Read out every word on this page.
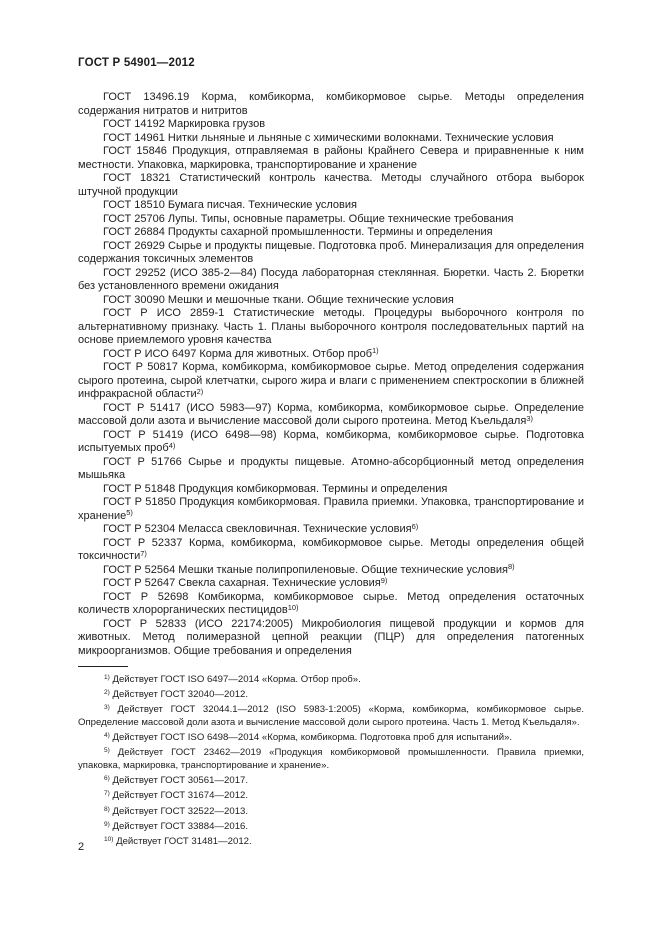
ГОСТ Р 54901—2012

ГОСТ 13496.19 Корма, комбикорма, комбикормовое сырье. Методы определения содержания нитратов и нитритов

ГОСТ 14192 Маркировка грузов

ГОСТ 14961 Нитки льняные и льняные с химическими волокнами. Технические условия

ГОСТ 15846 Продукция, отправляемая в районы Крайнего Севера и приравненные к ним местности. Упаковка, маркировка, транспортирование и хранение

ГОСТ 18321 Статистический контроль качества. Методы случайного отбора выборок штучной продукции

ГОСТ 18510 Бумага писчая. Технические условия

ГОСТ 25706 Лупы. Типы, основные параметры. Общие технические требования

ГОСТ 26884 Продукты сахарной промышленности. Термины и определения

ГОСТ 26929 Сырье и продукты пищевые. Подготовка проб. Минерализация для определения содержания токсичных элементов

ГОСТ 29252 (ИСО 385-2—84) Посуда лабораторная стеклянная. Бюретки. Часть 2. Бюретки без установленного времени ожидания

ГОСТ 30090 Мешки и мешочные ткани. Общие технические условия

ГОСТ Р ИСО 2859-1 Статистические методы. Процедуры выборочного контроля по альтернативному признаку. Часть 1. Планы выборочного контроля последовательных партий на основе приемлемого уровня качества

ГОСТ Р ИСО 6497 Корма для животных. Отбор проб$^{1)}$

ГОСТ Р 50817 Корма, комбикорма, комбикормовое сырье. Метод определения содержания сырого протеина, сырой клетчатки, сырого жира и влаги с применением спектроскопии в ближней инфракрасной области$^{2)}$

ГОСТ Р 51417 (ИСО 5983—97) Корма, комбикорма, комбикормовое сырье. Определение массовой доли азота и вычисление массовой доли сырого протеина. Метод Къельдаля$^{3)}$

ГОСТ Р 51419 (ИСО 6498—98) Корма, комбикорма, комбикормовое сырье. Подготовка испытуемых проб$^{4)}$

ГОСТ Р 51766 Сырье и продукты пищевые. Атомно-абсорбционный метод определения мышьяка

ГОСТ Р 51848 Продукция комбикормовая. Термины и определения

ГОСТ Р 51850 Продукция комбикормовая. Правила приемки. Упаковка, транспортирование и хранение$^{5)}$

ГОСТ Р 52304 Меласса свекловичная. Технические условия$^{6)}$

ГОСТ Р 52337 Корма, комбикорма, комбикормовое сырье. Методы определения общей токсичности$^{7)}$

ГОСТ Р 52564 Мешки тканые полипропиленовые. Общие технические условия$^{8)}$

ГОСТ Р 52647 Свекла сахарная. Технические условия$^{9)}$

ГОСТ Р 52698 Комбикорма, комбикормовое сырье. Метод определения остаточных количеств хлорорганических пестицидов$^{10)}$

ГОСТ Р 52833 (ИСО 22174:2005) Микробиология пищевой продукции и кормов для животных. Метод полимеразной цепной реакции (ПЦР) для определения патогенных микроорганизмов. Общие требования и определения

$^{1)}$ Действует ГОСТ ISO 6497—2014 «Корма. Отбор проб».

$^{2)}$ Действует ГОСТ 32040—2012.

$^{3)}$ Действует ГОСТ 32044.1—2012 (ISO 5983-1:2005) «Корма, комбикорма, комбикормовое сырье. Определение массовой доли азота и вычисление массовой доли сырого протеина. Часть 1. Метод Къельдаля».

$^{4)}$ Действует ГОСТ ISO 6498—2014 «Корма, комбикорма. Подготовка проб для испытаний».

$^{5)}$ Действует ГОСТ 23462—2019 «Продукция комбикормовой промышленности. Правила приемки, упаковка, маркировка, транспортирование и хранение».

$^{6)}$ Действует ГОСТ 30561—2017.

$^{7)}$ Действует ГОСТ 31674—2012.

$^{8)}$ Действует ГОСТ 32522—2013.

$^{9)}$ Действует ГОСТ 33884—2016.

$^{10)}$ Действует ГОСТ 31481—2012.

2
